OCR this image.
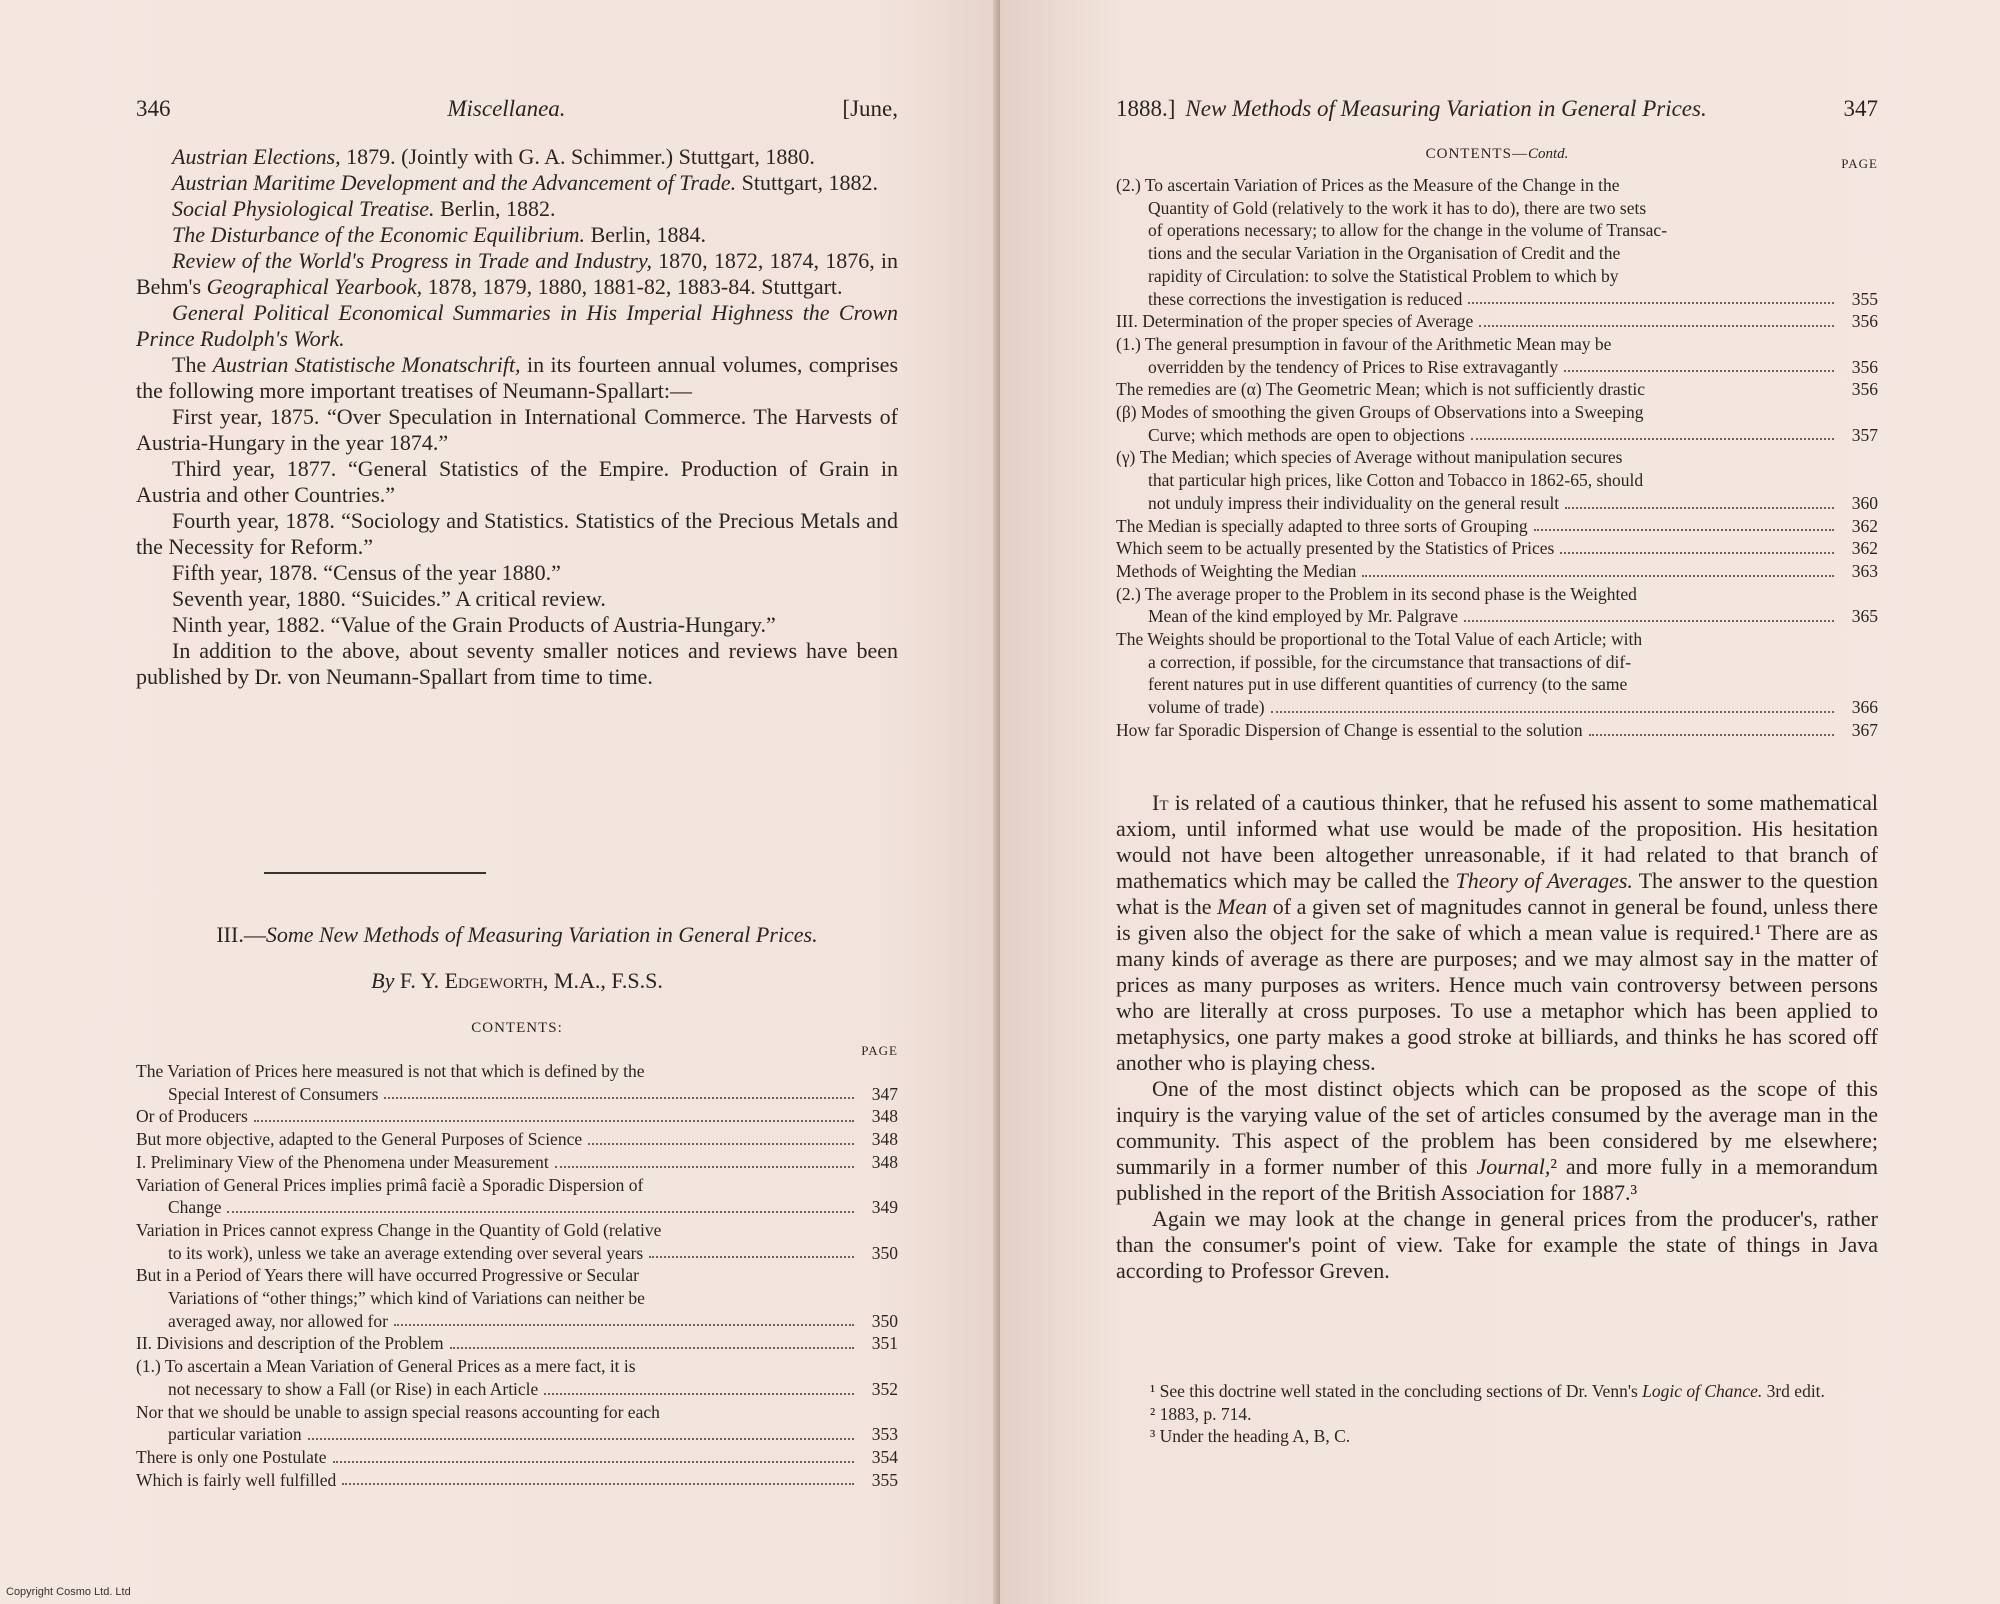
346	Miscellanea.	[June,

Austrian Elections, 1879. (Jointly with G. A. Schimmer.) Stuttgart, 1880.

Austrian Maritime Development and the Advancement of Trade. Stuttgart, 1882.

Social Physiological Treatise. Berlin, 1882.

The Disturbance of the Economic Equilibrium. Berlin, 1884.

Review of the World's Progress in Trade and Industry, 1870, 1872, 1874, 1876, in Behm's Geographical Yearbook, 1878, 1879, 1880, 1881-82, 1883-84. Stuttgart.

General Political Economical Summaries in His Imperial Highness the Crown Prince Rudolph's Work.

The Austrian Statistische Monatschrift, in its fourteen annual volumes, comprises the following more important treatises of Neumann-Spallart:—

First year, 1875. “Over Speculation in International Commerce. The Harvests of Austria-Hungary in the year 1874.”

Third year, 1877. “General Statistics of the Empire. Production of Grain in Austria and other Countries.”

Fourth year, 1878. “Sociology and Statistics. Statistics of the Precious Metals and the Necessity for Reform.”

Fifth year, 1878. “Census of the year 1880.”

Seventh year, 1880. “Suicides.” A critical review.

Ninth year, 1882. “Value of the Grain Products of Austria-Hungary.”

In addition to the above, about seventy smaller notices and reviews have been published by Dr. von Neumann-Spallart from time to time.

III.—Some New Methods of Measuring Variation in General Prices.
By F. Y. Edgeworth, M.A., F.S.S.
CONTENTS:
PAGE
The Variation of Prices here measured is not that which is defined by the
Special Interest of Consumers	347
Or of Producers	348
But more objective, adapted to the General Purposes of Science	348
I. Preliminary View of the Phenomena under Measurement	348
Variation of General Prices implies primâ faciè a Sporadic Dispersion of
Change	349
Variation in Prices cannot express Change in the Quantity of Gold (relative
to its work), unless we take an average extending over several years	350
But in a Period of Years there will have occurred Progressive or Secular
Variations of “other things;” which kind of Variations can neither be
averaged away, nor allowed for	350
II. Divisions and description of the Problem	351
(1.) To ascertain a Mean Variation of General Prices as a mere fact, it is
not necessary to show a Fall (or Rise) in each Article	352
Nor that we should be unable to assign special reasons accounting for each
particular variation	353
There is only one Postulate	354
Which is fairly well fulfilled	355
1888.] New Methods of Measuring Variation in General Prices.	347
CONTENTS—Contd.
PAGE
(2.) To ascertain Variation of Prices as the Measure of the Change in the
Quantity of Gold (relatively to the work it has to do), there are two sets
of operations necessary; to allow for the change in the volume of Transac-
tions and the secular Variation in the Organisation of Credit and the
rapidity of Circulation: to solve the Statistical Problem to which by
these corrections the investigation is reduced	355
III. Determination of the proper species of Average	356
(1.) The general presumption in favour of the Arithmetic Mean may be
overridden by the tendency of Prices to Rise extravagantly	356
The remedies are (α) The Geometric Mean; which is not sufficiently drastic	356
(β) Modes of smoothing the given Groups of Observations into a Sweeping
Curve; which methods are open to objections	357
(γ) The Median; which species of Average without manipulation secures
that particular high prices, like Cotton and Tobacco in 1862-65, should
not unduly impress their individuality on the general result	360
The Median is specially adapted to three sorts of Grouping	362
Which seem to be actually presented by the Statistics of Prices	362
Methods of Weighting the Median	363
(2.) The average proper to the Problem in its second phase is the Weighted
Mean of the kind employed by Mr. Palgrave	365
The Weights should be proportional to the Total Value of each Article; with
a correction, if possible, for the circumstance that transactions of dif-
ferent natures put in use different quantities of currency (to the same
volume of trade)	366
How far Sporadic Dispersion of Change is essential to the solution	367

It is related of a cautious thinker, that he refused his assent to some mathematical axiom, until informed what use would be made of the proposition. His hesitation would not have been altogether unreasonable, if it had related to that branch of mathematics which may be called the Theory of Averages. The answer to the question what is the Mean of a given set of magnitudes cannot in general be found, unless there is given also the object for the sake of which a mean value is required.¹ There are as many kinds of average as there are purposes; and we may almost say in the matter of prices as many purposes as writers. Hence much vain controversy between persons who are literally at cross purposes. To use a metaphor which has been applied to metaphysics, one party makes a good stroke at billiards, and thinks he has scored off another who is playing chess.

One of the most distinct objects which can be proposed as the scope of this inquiry is the varying value of the set of articles consumed by the average man in the community. This aspect of the problem has been considered by me elsewhere; summarily in a former number of this Journal,² and more fully in a memorandum published in the report of the British Association for 1887.³

Again we may look at the change in general prices from the producer's, rather than the consumer's point of view. Take for example the state of things in Java according to Professor Greven.

¹ See this doctrine well stated in the concluding sections of Dr. Venn's Logic of Chance. 3rd edit.

² 1883, p. 714.

³ Under the heading A, B, C.

Copyright Cosmo Ltd. Ltd
